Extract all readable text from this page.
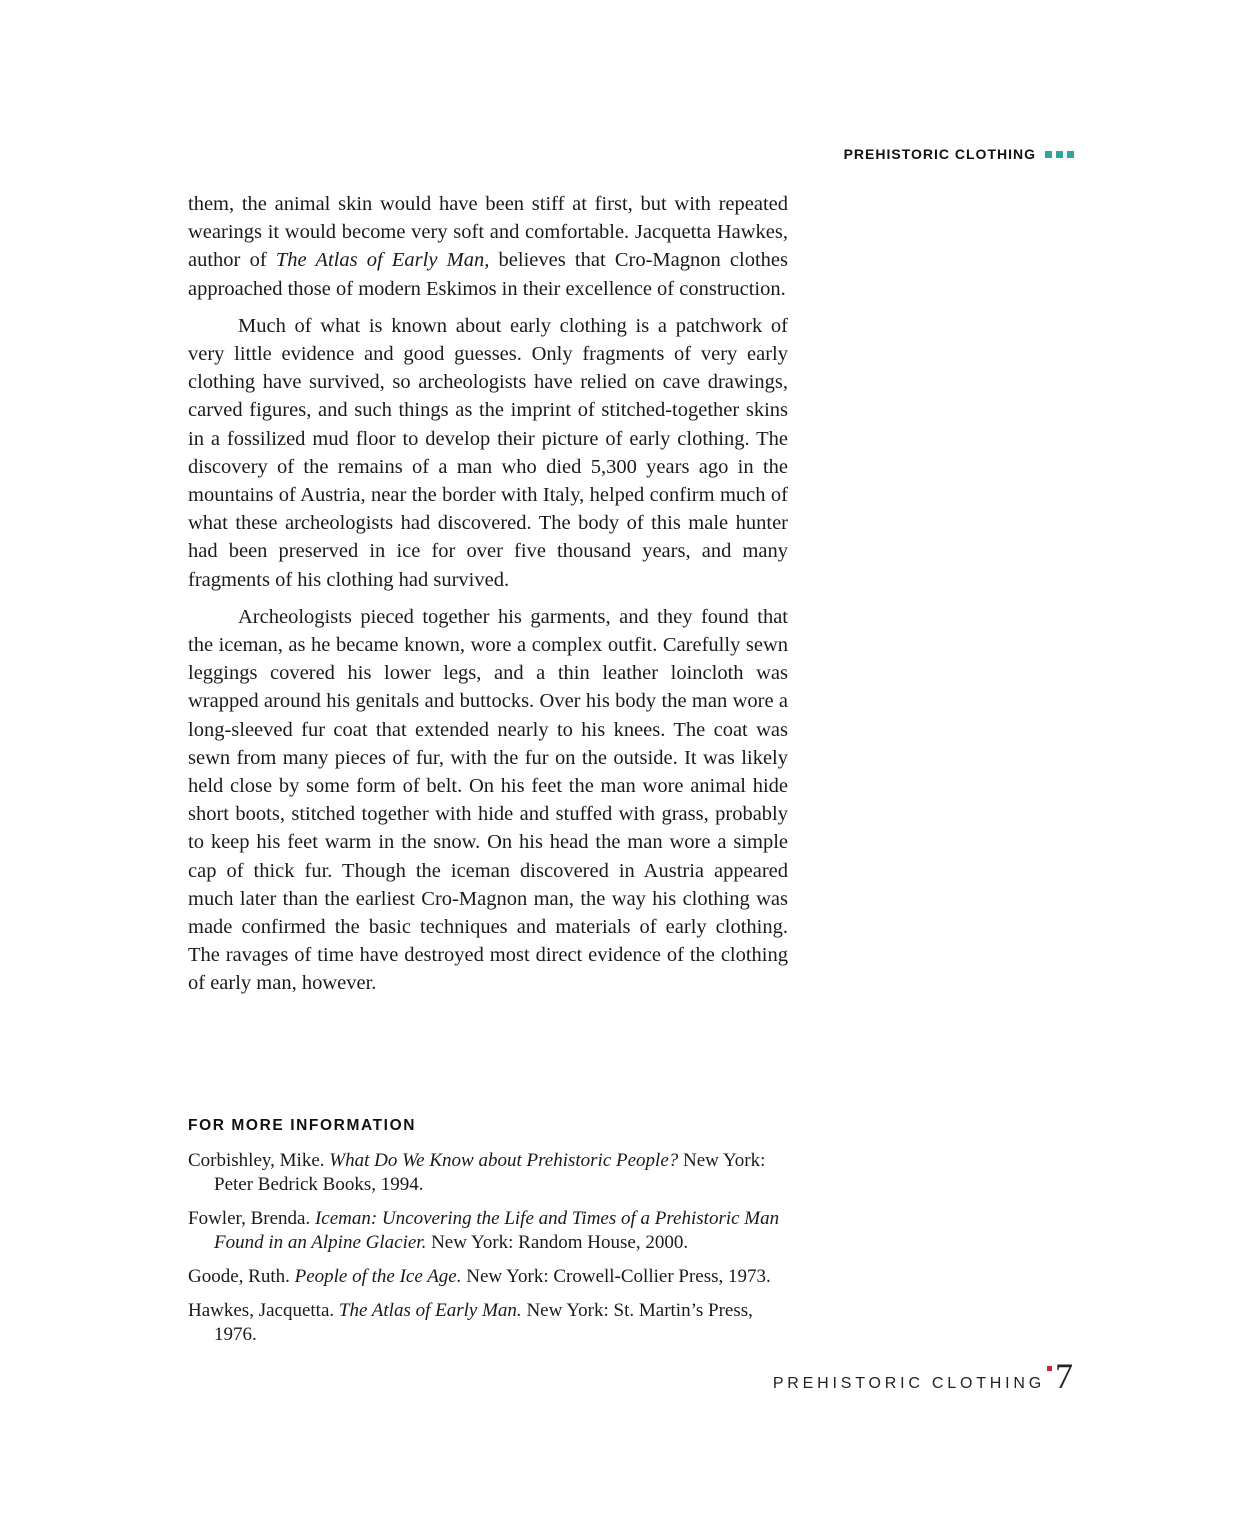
PREHISTORIC CLOTHING

them, the animal skin would have been stiff at first, but with repeated wearings it would become very soft and comfortable. Jacquetta Hawkes, author of The Atlas of Early Man, believes that Cro-Magnon clothes approached those of modern Eskimos in their excellence of construction.

Much of what is known about early clothing is a patchwork of very little evidence and good guesses. Only fragments of very early clothing have survived, so archeologists have relied on cave drawings, carved figures, and such things as the imprint of stitched-together skins in a fossilized mud floor to develop their picture of early clothing. The discovery of the remains of a man who died 5,300 years ago in the mountains of Austria, near the border with Italy, helped confirm much of what these archeologists had discovered. The body of this male hunter had been preserved in ice for over five thousand years, and many fragments of his clothing had survived.

Archeologists pieced together his garments, and they found that the iceman, as he became known, wore a complex outfit. Carefully sewn leggings covered his lower legs, and a thin leather loincloth was wrapped around his genitals and buttocks. Over his body the man wore a long-sleeved fur coat that extended nearly to his knees. The coat was sewn from many pieces of fur, with the fur on the outside. It was likely held close by some form of belt. On his feet the man wore animal hide short boots, stitched together with hide and stuffed with grass, probably to keep his feet warm in the snow. On his head the man wore a simple cap of thick fur. Though the iceman discovered in Austria appeared much later than the earliest Cro-Magnon man, the way his clothing was made confirmed the basic techniques and materials of early clothing. The ravages of time have destroyed most direct evidence of the clothing of early man, however.

FOR MORE INFORMATION
Corbishley, Mike. What Do We Know about Prehistoric People? New York: Peter Bedrick Books, 1994.
Fowler, Brenda. Iceman: Uncovering the Life and Times of a Prehistoric Man Found in an Alpine Glacier. New York: Random House, 2000.
Goode, Ruth. People of the Ice Age. New York: Crowell-Collier Press, 1973.
Hawkes, Jacquetta. The Atlas of Early Man. New York: St. Martin’s Press, 1976.
PREHISTORIC CLOTHING 7
